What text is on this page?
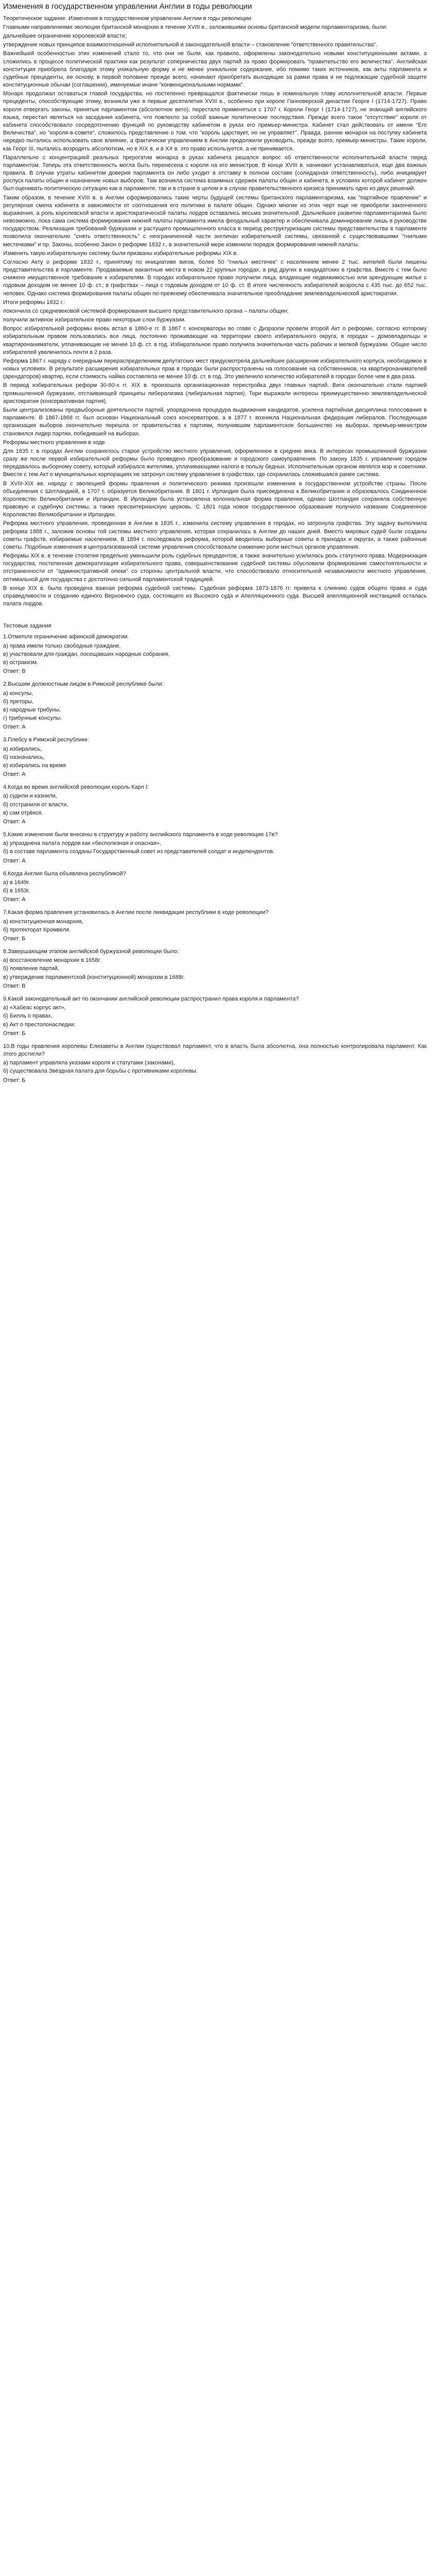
Изменения в государственном управлении Англии в годы революции

Теоретическое задание. Изменения в государственном управлении Англии в годы революции.

Главными направлениями эволюции британской монархии в течение XVIII в., заложившими основы британской модели парламентаризма, были:

дальнейшее ограничение королевской власти;

утверждение новых принципов взаимоотношений исполнительной и законодательной власти – становление "ответственного правительства".

Важнейшей особенностью этих изменений стало то, что они не были, как правило, оформлены законодательно новыми конституционными актами, а сложились в процессе политической практики как результат соперничества двух партий за право формировать "правительство его величества". Английская конституция приобрела благодаря этому уникальную форму и не менее уникальное содержание, ибо помимо таких источников, как акты парламента и судебные прецеденты, ее основу, в первой половине прежде всего, начинают приобретать выходящие за рамки права и не подлежащие судебной защите конституционные обычаи (соглашения), именуемые иначе "конвенциональными нормами".

Монарх продолжал оставаться главой государства, но постепенно превращался фактически лишь в номинальную главу исполнительной власти. Первые прецеденты, способствующие этому, возникли уже в первые десятилетия XVIII в., особенно при короле Ганноверской династии Георге I (1714-1727). Право короля отвергать законы, принятые парламентом (абсолютное вето), перестало применяться с 1707 г. Короли Георг I (1714-1727), не знающий английского языка, перестал являться на заседания кабинета, что повлекло за собой важные политические последствия. Прежде всего такое "отсутствие" короля от кабинета способствовало сосредоточению функций по руководству кабинетом в руках его премьер-министра. Кабинет стал действовать от имени "Его Величества", но "короля-в-совете", сложилось представление о том, что "король царствует, но не управляет". Правда, ранние монархи на поступку кабинета нередко пытались использовать свое влияние, а фактически управлением в Англии продолжили руководить, прежде всего, премьер-министры. Такие короли, как Георг III, пытались возродить абсолютизм, но в XIX в. и в XX в. это право используется, а не принимается.

Параллельно с концентрацией реальных прерогатив монарха в руках кабинета решался вопрос об ответственности исполнительной власти перед парламентом. Теперь эта ответственность могла быть перенесена с короля на его министров. В конце XVIII в. начинают устанавливаться, еще два важных правила. В случае утраты кабинетом доверия парламента он либо уходит в отставку в полном составе (солидарная ответственность), либо инициирует роспуск палаты общин и назначение новых выборов. Там возникла система взаимных сдержек палаты общин и кабинета, в условиях которой кабинет должен был оценивать политическую ситуацию как в парламенте, так и в стране в целом и в случае правительственного кризиса принимать одно из двух решений.

Таким образом, в течение XVIII в. в Англии сформировались такие черты будущей системы британского парламентаризма, как "партийное правление" и регулярная смена кабинета в зависимости от соотношения его политики в палате общин. Однако многие из этих черт еще не приобрели законченного выражения, а роль королевской власти и аристократической палаты лордов оставались весьма значительной. Дальнейшее развитие парламентаризма было невозможно, пока сама система формирования нижней палаты парламента имела феодальный характер и обеспечивала доминирование лишь в руководстве государством. Реализация требований буржуазии и растущего промышленного класса в период реструктуризации системы представительства в парламенте позволила окончательно "снять ответственность" с неограниченной части англичан избирательной системы, связанной с существовавшими "гнилыми местечками" и пр. Законы, особенно Закон о реформе 1832 г., в значительной мере изменили порядок формирования нижней палаты.

Изменить такую избирательную систему были призваны избирательные реформы XIX в.

Согласно Акту о реформе 1832 г., принятому по инициативе вигов, более 50 "гнилых местечек" с населением менее 2 тыс. жителей были лишены представительства в парламенте. Продаваемые вакантные места в новом 22 крупных городах, а ряд других в кандидатских в графства. Вместе с тем было снижено имущественное требование к избирателям. В городах избирательное право получили лица, владеющие недвижимостью или арендующие жилье с годовым доходом не менее 10 ф. ст.; в графствах – лица с годовым доходом от 10 ф. ст. В итоге численность избирателей возросла с 435 тыс. до 652 тыс. человек. Однако система формирования палаты общин по-прежнему обеспечивала значительное преобладание землевладельческой аристократии.

Итоги реформы 1832 г.:

покончила со средневековой системой формирования высшего представительного органа – палаты общин;

получили активное избирательное право некоторые слои буржуазии.

Вопрос избирательной реформы вновь встал в 1860-е гг. В 1867 г. консерваторы во главе с Дизраэли провели второй Акт о реформе, согласно которому избирательным правом пользовались все лица, постоянно проживающие на территории своего избирательного округа, в городах – домовладельцы и квартиронаниматели, уплачивающие не менее 10 ф. ст. в год. Избирательное право получила значительная часть рабочих и мелкой буржуазии. Общее число избирателей увеличилось почти в 2 раза.

Реформа 1867 г. наряду с очередным перераспределением депутатских мест предусмотрела дальнейшее расширение избирательного корпуса, необходимое в новых условиях. В результате расширения избирательных прав в городах были распространены на голосование на собственников, на квартиронанимателей (арендаторов) квартир, если стоимость найма составляла не менее 10 ф. ст. в год. Это увеличило количество избирателей в городах более чем в два раза.

В период избирательных реформ 30-60-х гг. XIX в. произошла организационная перестройка двух главных партий. Виги окончательно стали партией промышленной буржуазии, отстаивающей принципы либерализма (либеральная партия). Тори выражали интересы преимущественно землевладельческой аристократии (консервативная партия).

Были централизованы предвыборные деятельности партий, упорядочена процедура выдвижения кандидатов, усилена партийная дисциплина голосования в парламенте. В 1867-1868 гг. был основан Национальный союз консерваторов, а в 1877 г. возникла Национальная федерация либералов. Последующая организация выборов окончательно перешла от правительства к партиям, получившим парламентское большинство на выборах, премьер-министром становился лидер партии, победившей на выборах.

Реформы местного управления в ходе

Для 1835 г. в городах Англии сохранялось старое устройство местного управления, оформленное в средние века. В интересах промышленной буржуазии сразу же после первой избирательной реформы было проведено преобразование и городского самоуправления. По закону 1835 г. управление городом передавалось выборному совету, который избирался жителями, уплачивающими налоги в пользу бедных. Исполнительным органом являлся мэр и советники. Вместе с тем Акт о муниципальных корпорациях не затронул систему управления в графствах, где сохранилась сложившаяся ранее система.

В XVIII-XIX вв. наряду с эволюцией формы правления и политического режима произошли изменения в государственном устройстве страны. После объединения с Шотландией, в 1707 г. образуется Великобритания. В 1801 г. Ирландия была присоединена к Великобритании и образовалось Соединенное Королевство Великобритании и Ирландии. В Ирландии была установлена колониальная форма правления, однако Шотландия сохраняла собственную правовую и судебную системы, а также пресвитерианскую церковь. С 1801 года новое государственное образование получило название Соединенное Королевство Великобритании и Ирландии.

Реформа местного управления, проведенная в Англии в 1835 г., изменила систему управления в городах, но затронула графства. Эту задачу выполнила реформа 1888 г., заложив основы той системы местного управления, которая сохранилась в Англии до наших дней. Вместо мировых судей были созданы советы графств, избираемые населением. В 1894 г. последовала реформа, которой вводились выборные советы в приходах и округах, а также районные советы. Подобные изменения в централизованной системе управления способствовали снижению роли местных органов управления.

Реформы XIX в. в течение столетия предельно уменьшили роль судебных прецедентов, а также значительно усилилась роль статутного права. Модернизация государства, постепенная демократизация избирательного права, совершенствование судебной системы обусловили формирование самостоятельности и отстраненности от "административной опеки" со стороны центральной власти, что способствовало относительной независимости местного управления, оптимальной для государства с достаточно сильной парламентской традицией.

В конце XIX в. была проведена важная реформа судебной системы. Судебная реформа 1873-1876 гг. привела к слиянию судов общего права и суда справедливости и созданию единого Верховного суда, состоящего из Высокого суда и Апелляционного суда. Высшей апелляционной инстанцией осталась палата лордов.

Тестовые задания

1.Отметьте ограничение афинской демократии.

а) права имели только свободные граждане,

в) участвовали для граждан, посещавших народные собрания,

в) остракизм.

Ответ: В

2.Высшим должностным лицом в Римской республике были:

а) консулы,

б) преторы,

в) народные трибуны,

г) трибунные консулы.

Ответ: А

3.Плебсу в Римской республике:

а) избирались,

б) назначались,

в) избирались на время

Ответ: А

4.Когда во время английской революции король Карл I:

а) судили и казнили,

б) отстранили от власти,

в) сам отрёкся.

Ответ: А

5.Какие изменения были внесены в структуру и работу английского парламента в ходе революции 17в?

а) упразднена палата лордов как «бесполезная и опасная»,

б) в составе парламента созданы Государственный совет из представителей солдат и индепендентов.

Ответ: А

6.Когда Англия была объявлена республикой?

а) в 1649г.

б) в 1653г.

Ответ: А

7.Какая форма правления установилась в Англии после ликвидации республики в ходе революции?

а) конституционная монархия,

б) протекторат Кромвеля.

Ответ: Б

8.Завершающим этапом английской буржуазной революции было:

а) восстановление монархии в 1658г.

б) появление партий,

в) утверждение парламентской (конституционной) монархии в 1688г.

Ответ: В

9.Какой законодательный акт по окончании английской революции распространил права короля и парламента?

а) «Хабеас корпус акт»,

б) Билль о правах,

в) Акт о престолонаследии.

Ответ: Б

10.В годы правления королевы Елизаветы в Англии существовал парламент, что в власть была абсолютна, она полностью контролировала парламент. Как этого достигли?

а) парламент управляла указами короля и статутами (законами),

б) существовала Звёздная палата для борьбы с противниками королевы.

Ответ: Б
